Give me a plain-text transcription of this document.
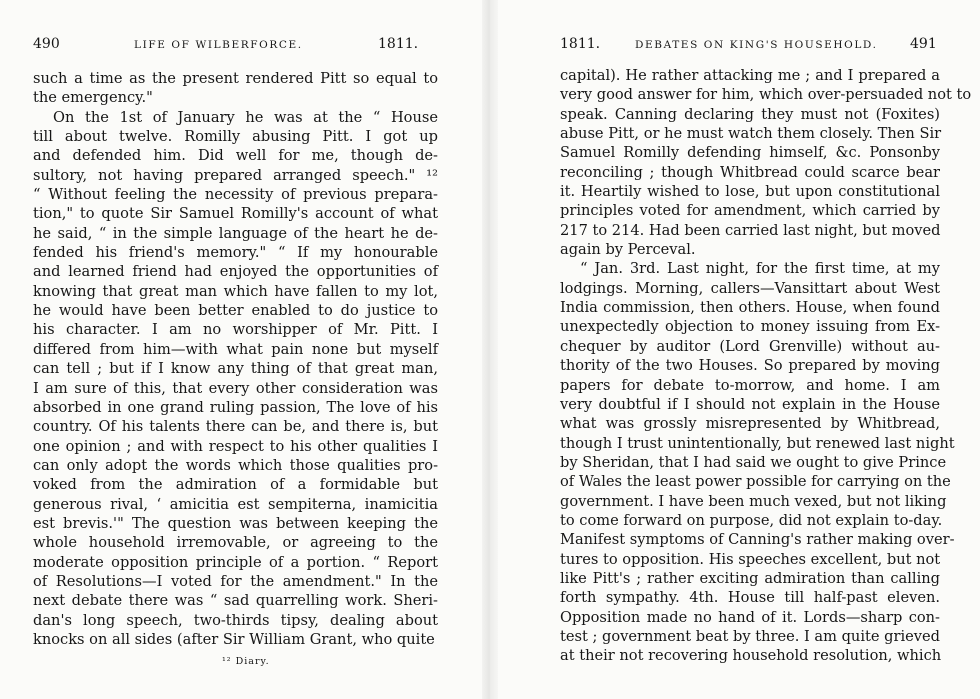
490	LIFE OF WILBERFORCE.	1811.
such a time as the present rendered Pitt so equal to
the emergency."
On the 1st of January he was at the “ House
till about twelve. Romilly abusing Pitt. I got up
and defended him. Did well for me, though de-
sultory, not having prepared arranged speech." ¹²
“ Without feeling the necessity of previous prepara-
tion," to quote Sir Samuel Romilly's account of what
he said, “ in the simple language of the heart he de-
fended his friend's memory." “ If my honourable
and learned friend had enjoyed the opportunities of
knowing that great man which have fallen to my lot,
he would have been better enabled to do justice to
his character. I am no worshipper of Mr. Pitt. I
differed from him—with what pain none but myself
can tell ; but if I know any thing of that great man,
I am sure of this, that every other consideration was
absorbed in one grand ruling passion, The love of his
country. Of his talents there can be, and there is, but
one opinion ; and with respect to his other qualities I
can only adopt the words which those qualities pro-
voked from the admiration of a formidable but
generous rival, ‘ amicitia est sempiterna, inamicitia
est brevis.'" The question was between keeping the
whole household irremovable, or agreeing to the
moderate opposition principle of a portion. “ Report
of Resolutions—I voted for the amendment." In the
next debate there was “ sad quarrelling work. Sheri-
dan's long speech, two-thirds tipsy, dealing about
knocks on all sides (after Sir William Grant, who quite
¹² Diary.
1811.	DEBATES ON KING'S HOUSEHOLD. 491
capital). He rather attacking me ; and I prepared a
very good answer for him, which over-persuaded not to
speak. Canning declaring they must not (Foxites)
abuse Pitt, or he must watch them closely. Then Sir
Samuel Romilly defending himself, &c. Ponsonby
reconciling ; though Whitbread could scarce bear
it. Heartily wished to lose, but upon constitutional
principles voted for amendment, which carried by
217 to 214. Had been carried last night, but moved
again by Perceval.
“ Jan. 3rd. Last night, for the first time, at my
lodgings. Morning, callers—Vansittart about West
India commission, then others. House, when found
unexpectedly objection to money issuing from Ex-
chequer by auditor (Lord Grenville) without au-
thority of the two Houses. So prepared by moving
papers for debate to-morrow, and home. I am
very doubtful if I should not explain in the House
what was grossly misrepresented by Whitbread,
though I trust unintentionally, but renewed last night
by Sheridan, that I had said we ought to give Prince
of Wales the least power possible for carrying on the
government. I have been much vexed, but not liking
to come forward on purpose, did not explain to-day.
Manifest symptoms of Canning's rather making over-
tures to opposition. His speeches excellent, but not
like Pitt's ; rather exciting admiration than calling
forth sympathy. 4th. House till half-past eleven.
Opposition made no hand of it. Lords—sharp con-
test ; government beat by three. I am quite grieved
at their not recovering household resolution, which
